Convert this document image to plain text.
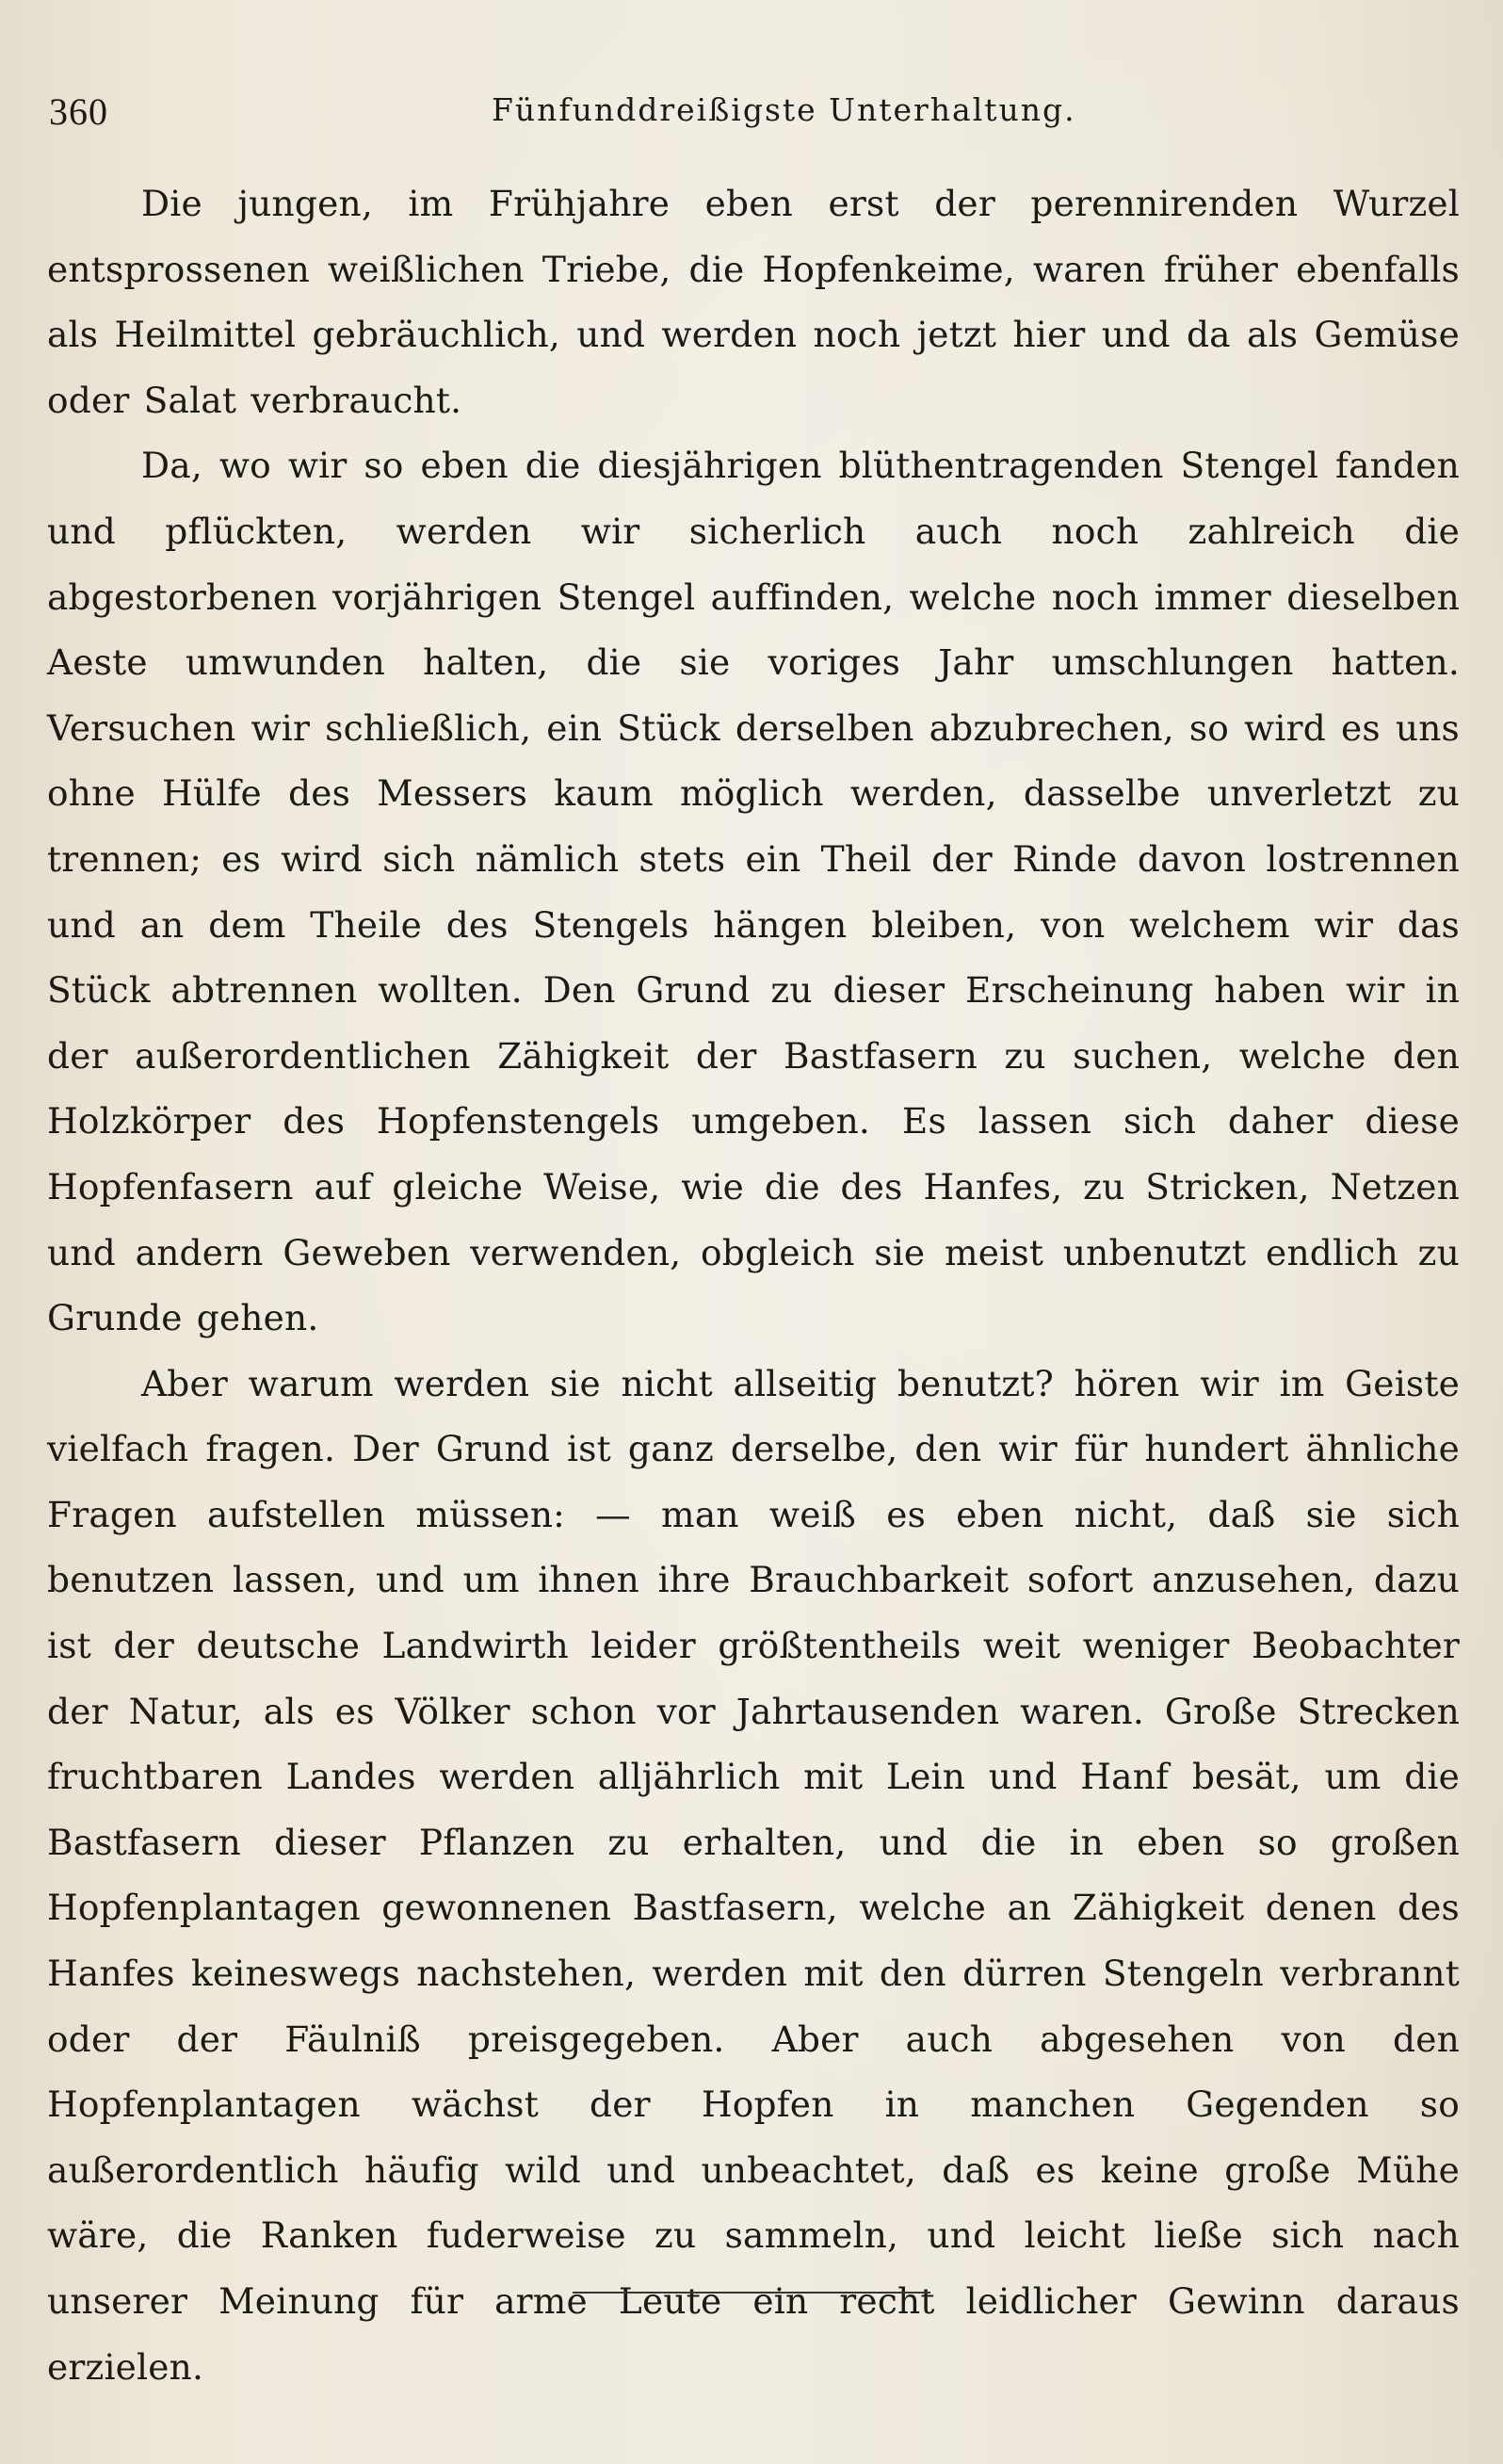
360	Fünfunddreißigste Unterhaltung.

Die jungen, im Frühjahre eben erst der perennirenden Wurzel entsprossenen weißlichen Triebe, die Hopfenkeime, waren früher ebenfalls als Heilmittel gebräuchlich, und werden noch jetzt hier und da als Gemüse oder Salat verbraucht.

Da, wo wir so eben die diesjährigen blüthentragenden Stengel fanden und pflückten, werden wir sicherlich auch noch zahlreich die abgestorbenen vorjährigen Stengel auffinden, welche noch immer dieselben Aeste umwunden halten, die sie voriges Jahr umschlungen hatten. Versuchen wir schließlich, ein Stück derselben abzubrechen, so wird es uns ohne Hülfe des Messers kaum möglich werden, dasselbe unverletzt zu trennen; es wird sich nämlich stets ein Theil der Rinde davon lostrennen und an dem Theile des Stengels hängen bleiben, von welchem wir das Stück abtrennen wollten. Den Grund zu dieser Erscheinung haben wir in der außerordentlichen Zähigkeit der Bastfasern zu suchen, welche den Holzkörper des Hopfenstengels umgeben. Es lassen sich daher diese Hopfenfasern auf gleiche Weise, wie die des Hanfes, zu Stricken, Netzen und andern Geweben verwenden, obgleich sie meist unbenutzt endlich zu Grunde gehen.

Aber warum werden sie nicht allseitig benutzt? hören wir im Geiste vielfach fragen. Der Grund ist ganz derselbe, den wir für hundert ähnliche Fragen aufstellen müssen: — man weiß es eben nicht, daß sie sich benutzen lassen, und um ihnen ihre Brauchbarkeit sofort anzusehen, dazu ist der deutsche Landwirth leider größtentheils weit weniger Beobachter der Natur, als es Völker schon vor Jahrtausenden waren. Große Strecken fruchtbaren Landes werden alljährlich mit Lein und Hanf besät, um die Bastfasern dieser Pflanzen zu erhalten, und die in eben so großen Hopfenplantagen gewonnenen Bastfasern, welche an Zähigkeit denen des Hanfes keineswegs nachstehen, werden mit den dürren Stengeln verbrannt oder der Fäulniß preisgegeben. Aber auch abgesehen von den Hopfenplantagen wächst der Hopfen in manchen Gegenden so außerordentlich häufig wild und unbeachtet, daß es keine große Mühe wäre, die Ranken fuderweise zu sammeln, und leicht ließe sich nach unserer Meinung für arme Leute ein recht leidlicher Gewinn daraus erzielen.
